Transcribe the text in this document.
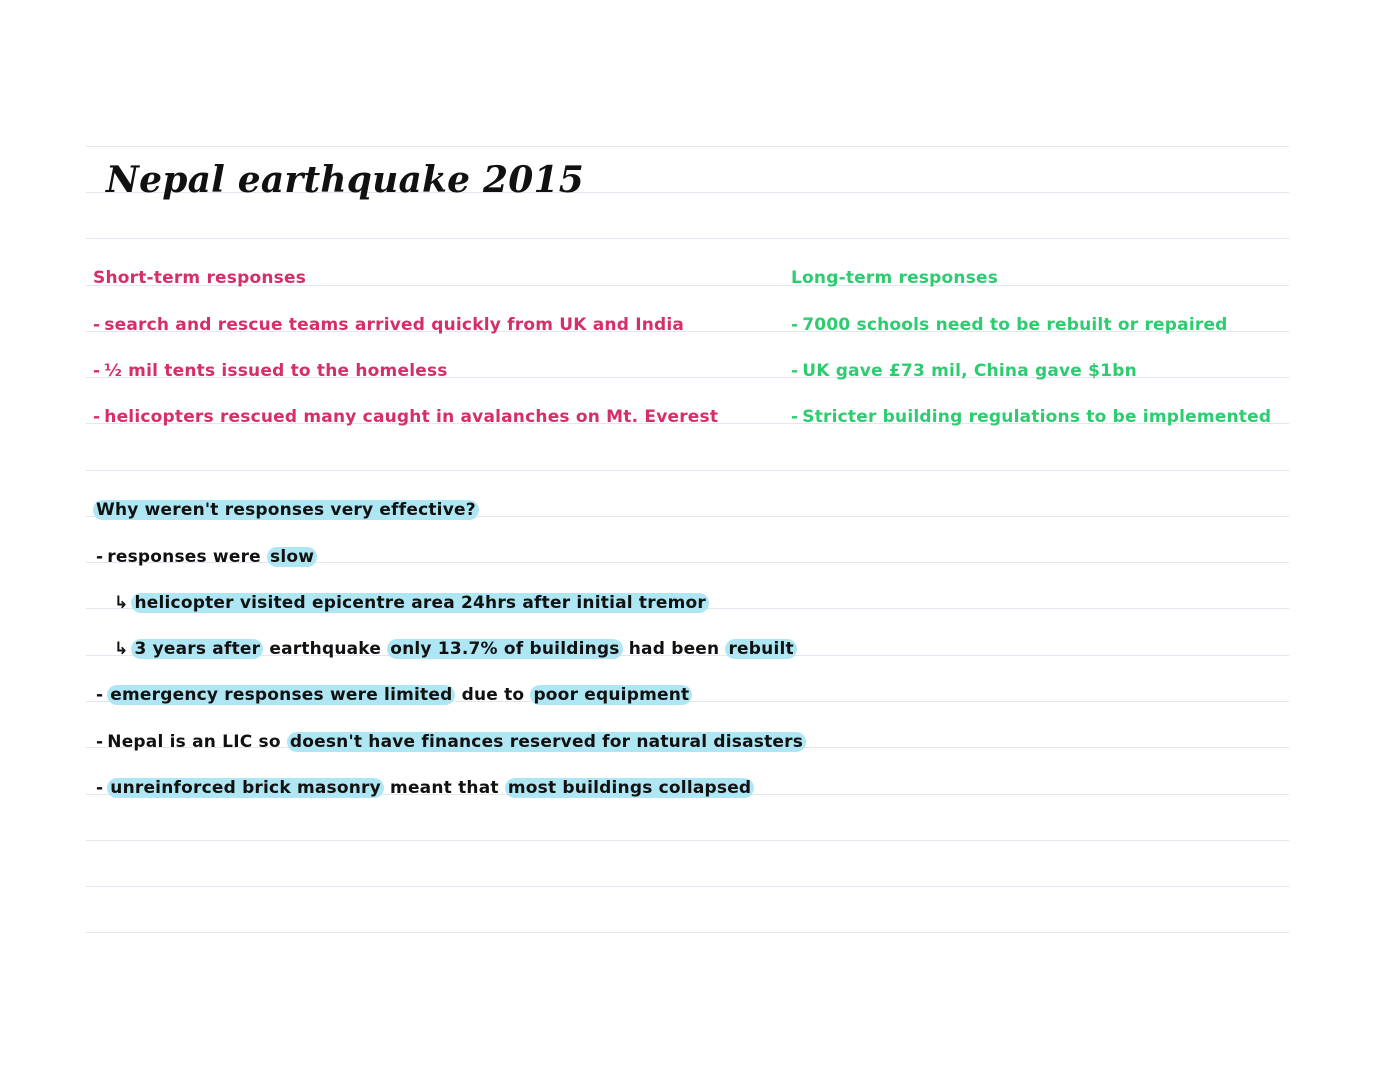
Nepal earthquake 2015
Short-term responses
- search and rescue teams arrived quickly from UK and India
- ½ mil tents issued to the homeless
- helicopters rescued many caught in avalanches on Mt. Everest
Long-term responses
- 7000 schools need to be rebuilt or repaired
- UK gave £73 mil, China gave $1bn
- Stricter building regulations to be implemented
Why weren't responses very effective?
- responses were slow
↳ helicopter visited epicentre area 24hrs after initial tremor
↳ 3 years after earthquake only 13.7% of buildings had been rebuilt
- emergency responses were limited due to poor equipment
- Nepal is an LIC so doesn't have finances reserved for natural disasters
- unreinforced brick masonry meant that most buildings collapsed
